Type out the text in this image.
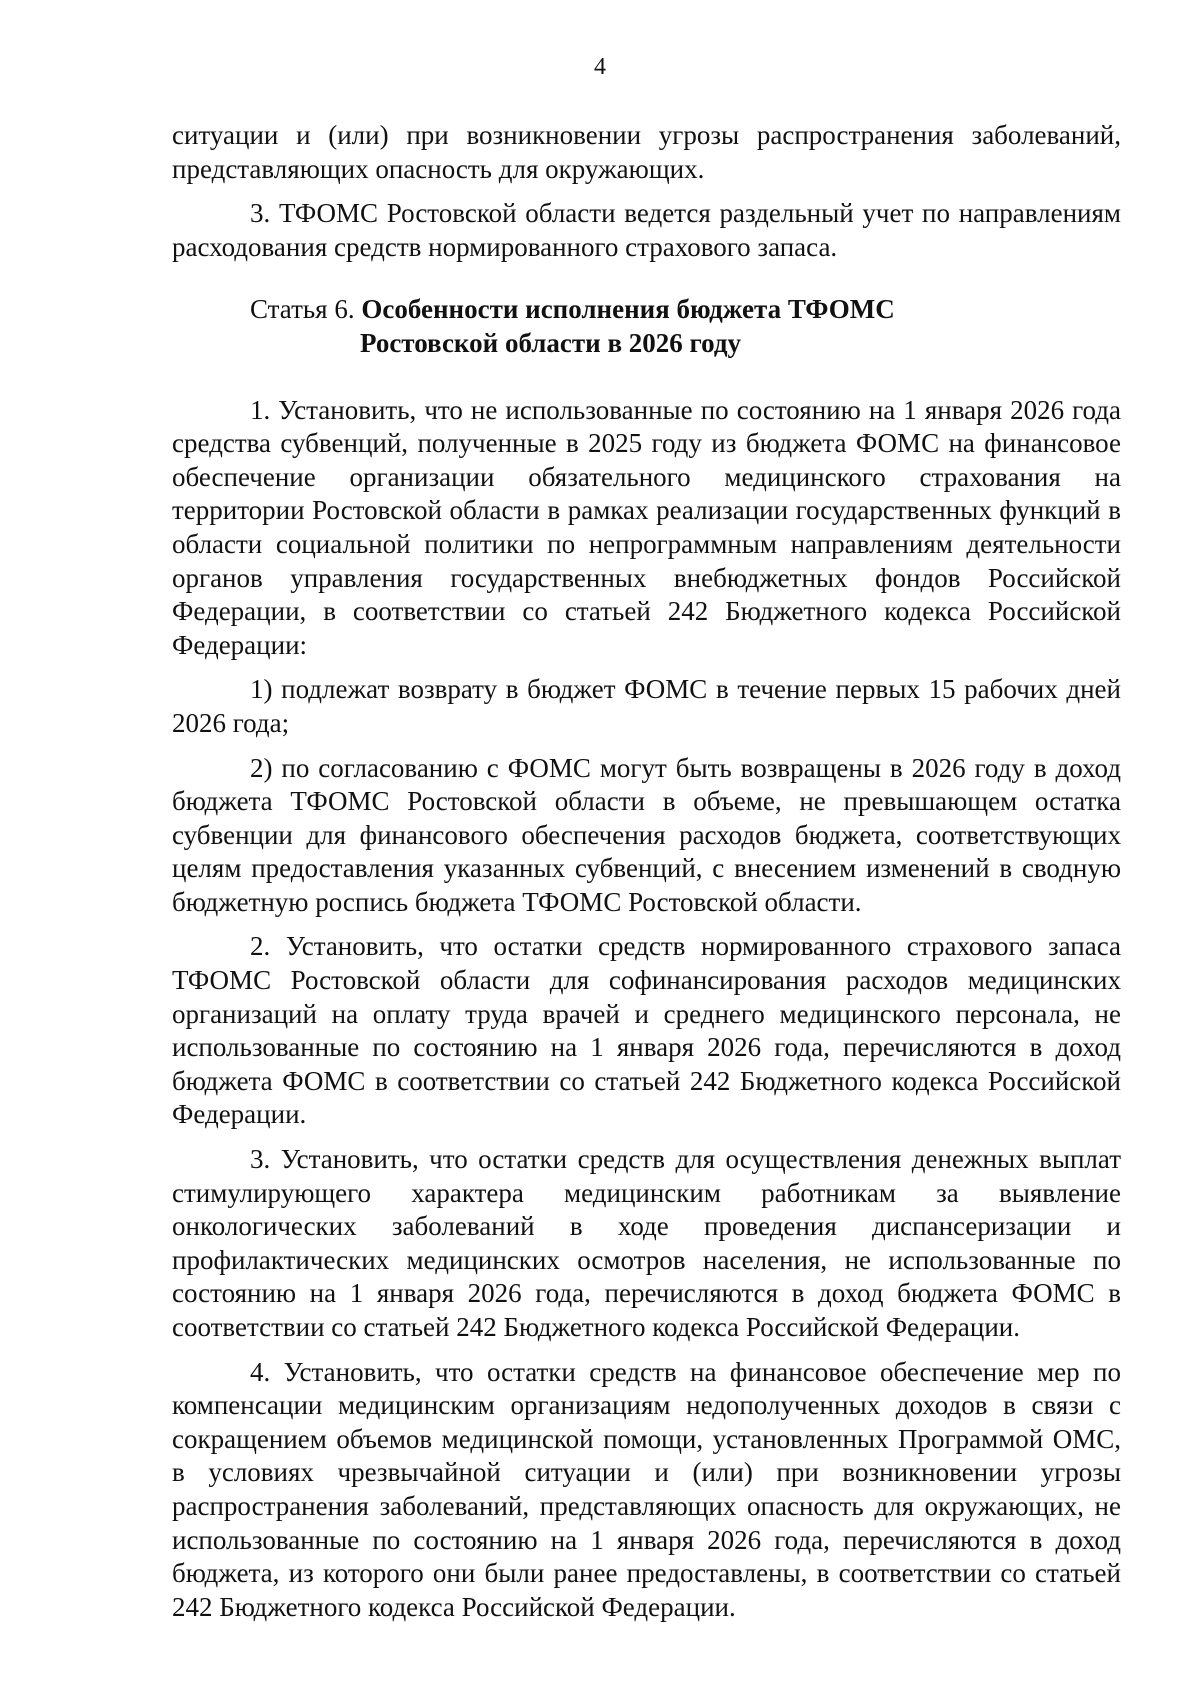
4

ситуации и (или) при возникновении угрозы распространения заболеваний, представляющих опасность для окружающих.

3. ТФОМС Ростовской области ведется раздельный учет по направлениям расходования средств нормированного страхового запаса.

Статья 6. Особенности исполнения бюджета ТФОМС
Ростовской области в 2026 году

1. Установить, что не использованные по состоянию на 1 января 2026 года средства субвенций, полученные в 2025 году из бюджета ФОМС на финансовое обеспечение организации обязательного медицинского страхования на территории Ростовской области в рамках реализации государственных функций в области социальной политики по непрограммным направлениям деятельности органов управления государственных внебюджетных фондов Российской Федерации, в соответствии со статьей 242 Бюджетного кодекса Российской Федерации:

1) подлежат возврату в бюджет ФОМС в течение первых 15 рабочих дней 2026 года;

2) по согласованию с ФОМС могут быть возвращены в 2026 году в доход бюджета ТФОМС Ростовской области в объеме, не превышающем остатка субвенции для финансового обеспечения расходов бюджета, соответствующих целям предоставления указанных субвенций, с внесением изменений в сводную бюджетную роспись бюджета ТФОМС Ростовской области.

2. Установить, что остатки средств нормированного страхового запаса ТФОМС Ростовской области для софинансирования расходов медицинских организаций на оплату труда врачей и среднего медицинского персонала, не использованные по состоянию на 1 января 2026 года, перечисляются в доход бюджета ФОМС в соответствии со статьей 242 Бюджетного кодекса Российской Федерации.

3. Установить, что остатки средств для осуществления денежных выплат стимулирующего характера медицинским работникам за выявление онкологических заболеваний в ходе проведения диспансеризации и профилактических медицинских осмотров населения, не использованные по состоянию на 1 января 2026 года, перечисляются в доход бюджета ФОМС в соответствии со статьей 242 Бюджетного кодекса Российской Федерации.

4. Установить, что остатки средств на финансовое обеспечение мер по компенсации медицинским организациям недополученных доходов в связи с сокращением объемов медицинской помощи, установленных Программой ОМС, в условиях чрезвычайной ситуации и (или) при возникновении угрозы распространения заболеваний, представляющих опасность для окружающих, не использованные по состоянию на 1 января 2026 года, перечисляются в доход бюджета, из которого они были ранее предоставлены, в соответствии со статьей 242 Бюджетного кодекса Российской Федерации.
